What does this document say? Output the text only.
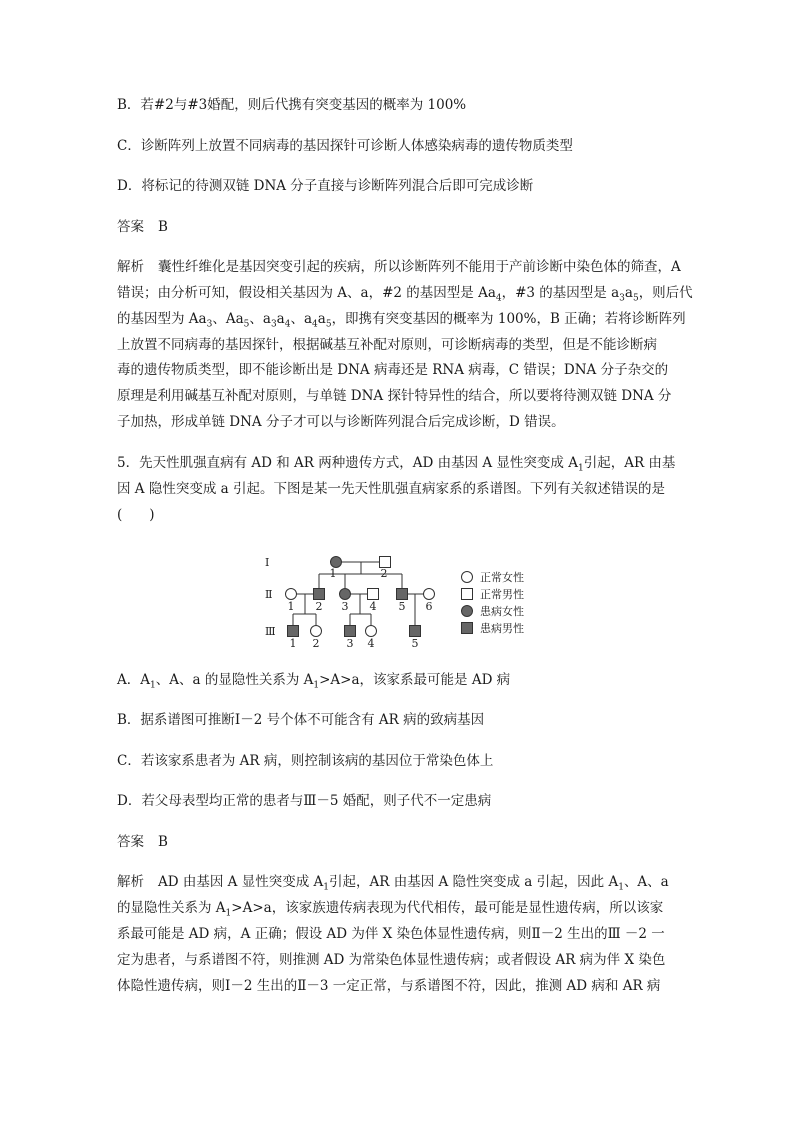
B．若#2与#3婚配，则后代携有突变基因的概率为 100%
C．诊断阵列上放置不同病毒的基因探针可诊断人体感染病毒的遗传物质类型
D．将标记的待测双链 DNA 分子直接与诊断阵列混合后即可完成诊断
答案 B
解析 囊性纤维化是基因突变引起的疾病，所以诊断阵列不能用于产前诊断中染色体的筛查，A
错误；由分析可知，假设相关基因为 A、a，#2 的基因型是 $Aa_4$，#3 的基因型是 $a_3a_5$，则后代
的基因型为 $Aa_3$、$Aa_5$、$a_3a_4$、$a_4a_5$，即携有突变基因的概率为 100%，B 正确；若将诊断阵列
上放置不同病毒的基因探针，根据碱基互补配对原则，可诊断病毒的类型，但是不能诊断病
毒的遗传物质类型，即不能诊断出是 DNA 病毒还是 RNA 病毒，C 错误；DNA 分子杂交的
原理是利用碱基互补配对原则，与单链 DNA 探针特异性的结合，所以要将待测双链 DNA 分
子加热，形成单链 DNA 分子才可以与诊断阵列混合后完成诊断，D 错误。
5．先天性肌强直病有 AD 和 AR 两种遗传方式，AD 由基因 A 显性突变成 $A_1$引起，AR 由基
因 A 隐性突变成 a 引起。下图是某一先天性肌强直病家系的系谱图。下列有关叙述错误的是
(　　)
Ⅰ
Ⅱ
Ⅲ
1	2
1 2 3 4 5 6
1 2 3 4	5
正常女性
正常男性
患病女性
患病男性
A．$A_1$、A、a 的显隐性关系为 $A_1>A>a$，该家系最可能是 AD 病
B．据系谱图可推断Ⅰ－2 号个体不可能含有 AR 病的致病基因
C．若该家系患者为 AR 病，则控制该病的基因位于常染色体上
D．若父母表型均正常的患者与Ⅲ－5 婚配，则子代不一定患病
答案 B
解析 AD 由基因 A 显性突变成 $A_1$引起，AR 由基因 A 隐性突变成 a 引起，因此 $A_1$、A、a
的显隐性关系为 $A_1>A>a$，该家族遗传病表现为代代相传，最可能是显性遗传病，所以该家
系最可能是 AD 病，A 正确；假设 AD 为伴 X 染色体显性遗传病，则Ⅱ－2 生出的Ⅲ －2 一
定为患者，与系谱图不符，则推测 AD 为常染色体显性遗传病；或者假设 AR 病为伴 X 染色
体隐性遗传病，则Ⅰ－2 生出的Ⅱ－3 一定正常，与系谱图不符，因此，推测 AD 病和 AR 病
